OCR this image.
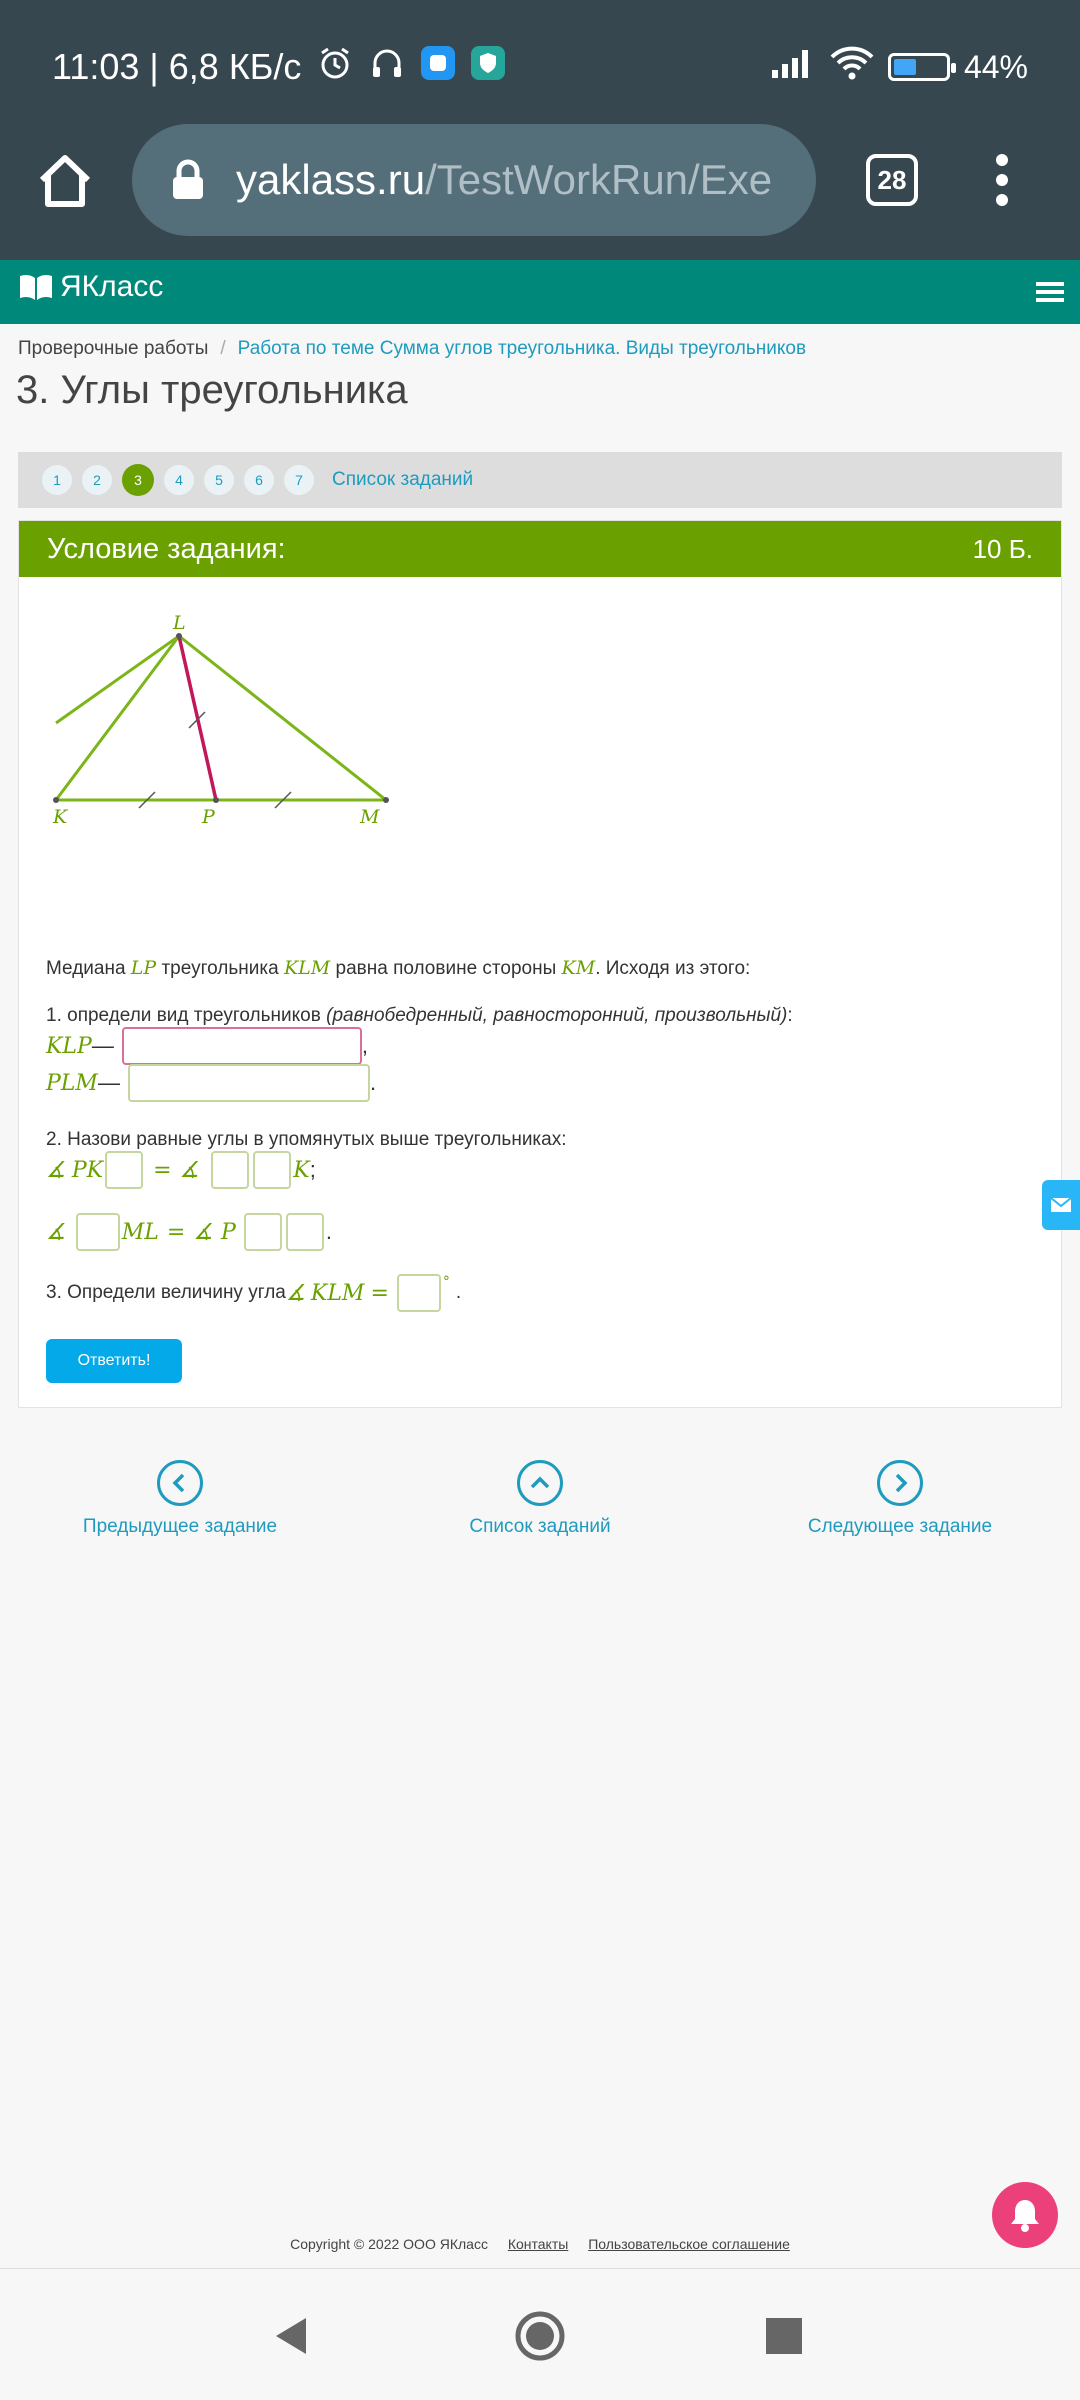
11:03 | 6,8 КБ/с	44%
yaklass.ru/TestWorkRun/Exe	28
ЯКласс
Проверочные работы / Работа по теме Сумма углов треугольника. Виды треугольников
3. Углы треугольника
1	2	3	4	5	6	7	Список заданий
Условие задания:	10 Б.
L
K	P	M
Медиана LP треугольника KLM равна половине стороны KM. Исходя из этого:
1. определи вид треугольников (равнобедренный, равносторонний, произвольный):
KLP —	,
PLM —	.
2. Назови равные углы в упомянутых выше треугольниках:
∡
PK = ∡	K ;
∡	ML = ∡ P	.
3. Определи величину угла ∡
KLM =	° .
Ответить!
Предыдущее задание	Список заданий	Следующее задание
Copyright © 2022 ООО ЯКласс Контакты Пользовательское соглашение
